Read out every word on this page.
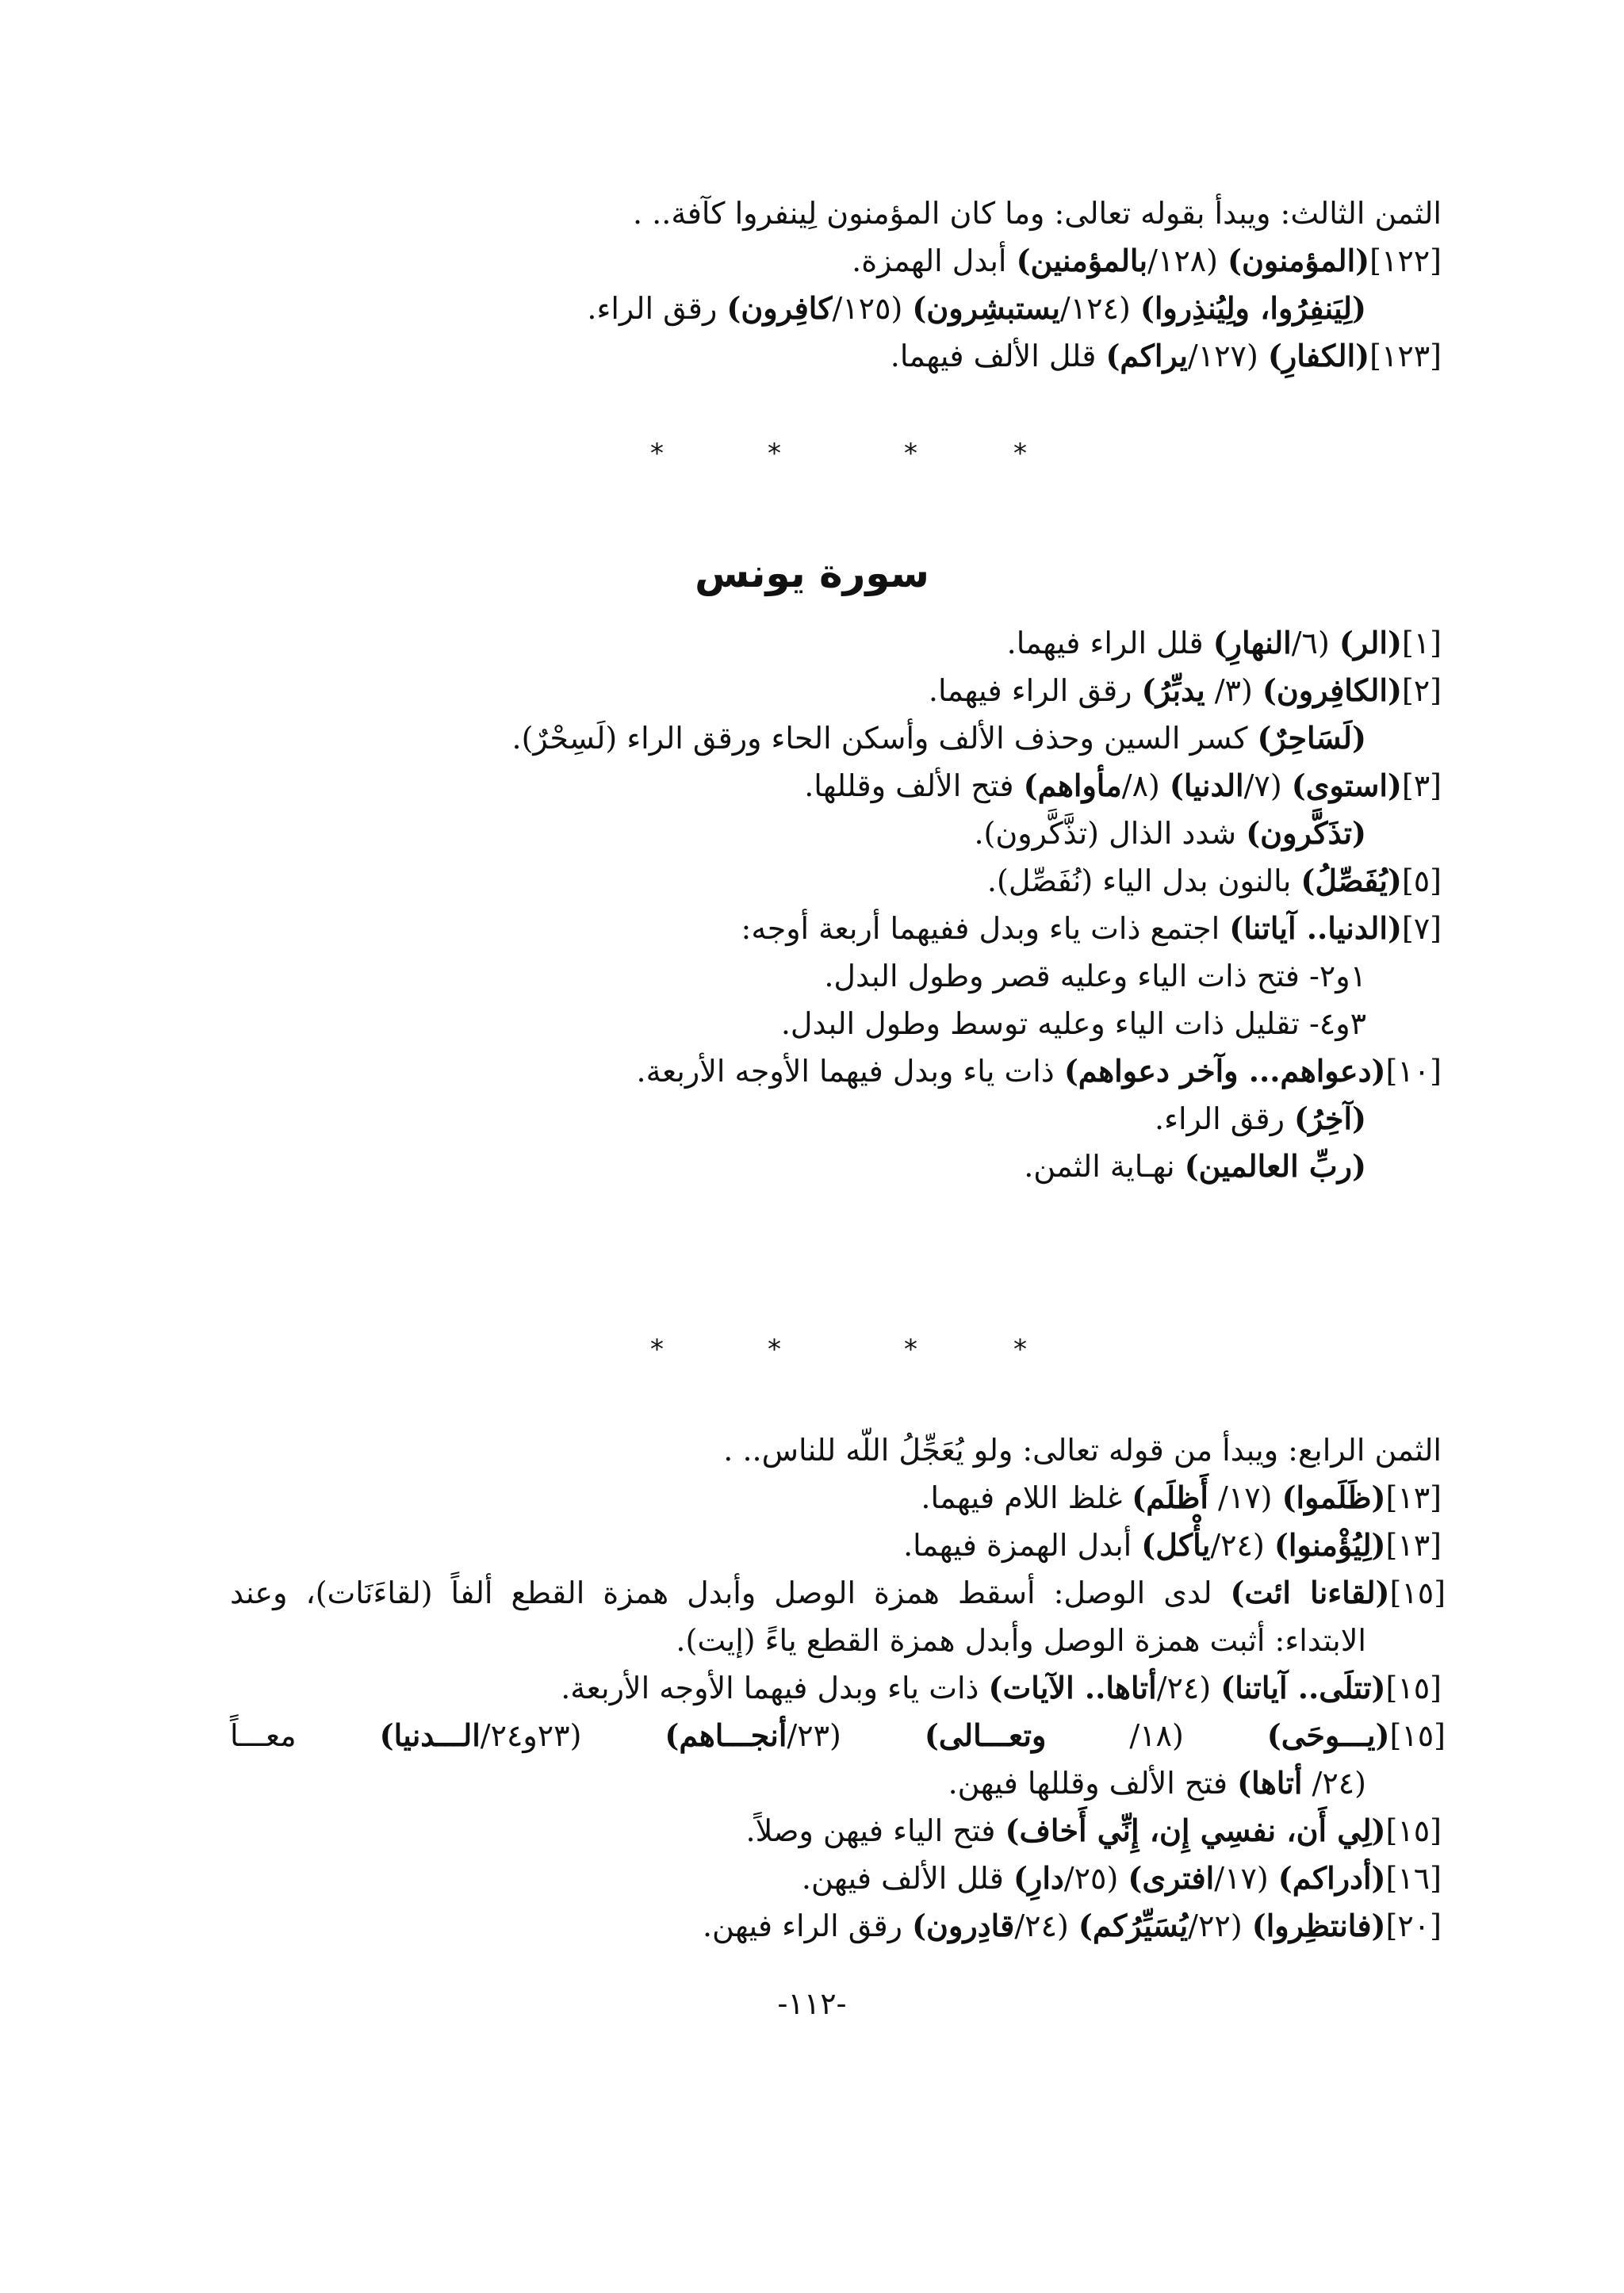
الثمن الثالث: ويبدأ بقوله تعالى: وما كان المؤمنون لِينفروا كآفة.. .
[١٢٢](المؤمنون) (١٢٨/بالمؤمنين) أبدل الهمزة.
(لِيَنفِرُوا، ولِيُنذِروا) (١٢٤/يستبشِرون) (١٢٥/كافِرون) رقق الراء.
[١٢٣](الكفارِ) (١٢٧/يراكم) قلل الألف فيهما.
*	*	*	*
سورة يونس
[١](الر) (٦/النهارِ) قلل الراء فيهما.
[٢](الكافِرون) (٣/ يدبِّرُ) رقق الراء فيهما.
(لَسَاحِرٌ) كسر السين وحذف الألف وأسكن الحاء ورقق الراء (لَسِحْرٌ).
[٣](استوى) (٧/الدنيا) (٨/مأواهم) فتح الألف وقللها.
(تذَكَّرون) شدد الذال (تذَّكَّرون).
[٥](يُفَصِّلُ) بالنون بدل الياء (نُفَصِّل).
[٧](الدنيا.. آياتنا) اجتمع ذات ياء وبدل ففيهما أربعة أوجه:
١و٢- فتح ذات الياء وعليه قصر وطول البدل.
٣و٤- تقليل ذات الياء وعليه توسط وطول البدل.
[١٠](دعواهم... وآخر دعواهم) ذات ياء وبدل فيهما الأوجه الأربعة.
(آخِرُ) رقق الراء.
(ربِّ العالمين) نهـاية الثمن.
*	*	*	*
الثمن الرابع: ويبدأ من قوله تعالى: ولو يُعَجِّلُ اللّه للناس.. .
[١٣](ظَلَموا) (١٧/ أَظلَم) غلظ اللام فيهما.
[١٣](لِيُؤْمنوا) (٢٤/يأْكل) أبدل الهمزة فيهما.
[١٥](لقاءنا ائت) لدى الوصل: أسقط همزة الوصل وأبدل همزة القطع ألفاً (لقاءَنَات)، وعند
الابتداء: أثبت همزة الوصل وأبدل همزة القطع ياءً (إيت).
[١٥](تتلَى.. آياتنا) (٢٤/أتاها.. الآيات) ذات ياء وبدل فيهما الأوجه الأربعة.
[١٥](يـــوحَى) (١٨/ وتعـــالى) (٢٣/أنجـــاهم) (٢٣و٢٤/الـــدنيا) معـــاً
(٢٤/ أتاها) فتح الألف وقللها فيهن.
[١٥](لِي أَن، نفسِي إِن، إِنِّي أَخاف) فتح الياء فيهن وصلاً.
[١٦](أدراكم) (١٧/افترى) (٢٥/دارِ) قلل الألف فيهن.
[٢٠](فانتظِروا) (٢٢/يُسَيِّرُكم) (٢٤/قادِرون) رقق الراء فيهن.
-١١٢-
